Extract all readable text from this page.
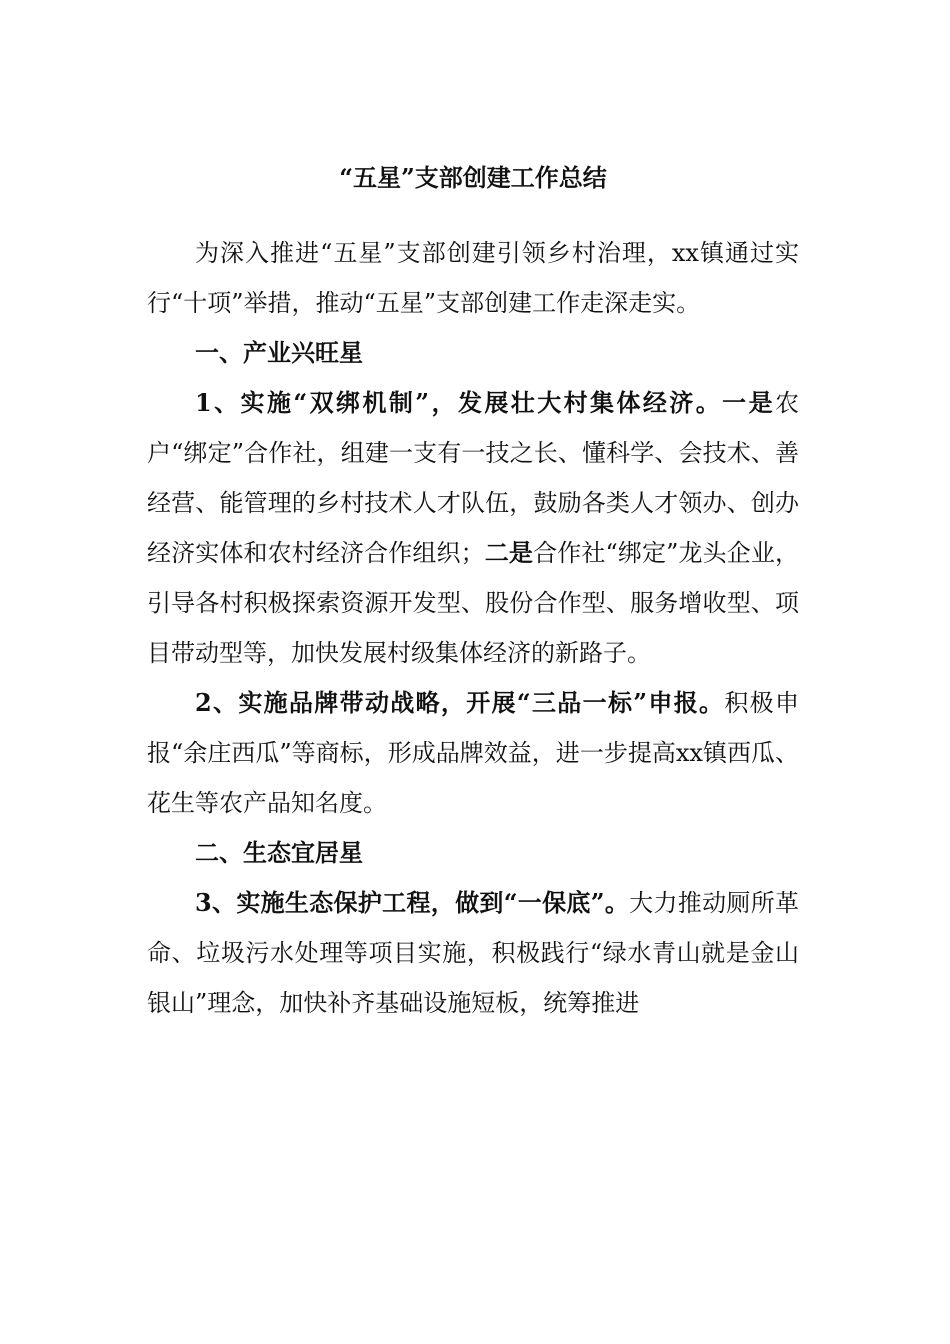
“五星”支部创建工作总结

为深入推进“五星”支部创建引领乡村治理，xx镇通过实行“十项”举措，推动“五星”支部创建工作走深走实。

一、产业兴旺星

1、实施“双绑机制”，发展壮大村集体经济。一是农户“绑定”合作社，组建一支有一技之长、懂科学、会技术、善经营、能管理的乡村技术人才队伍，鼓励各类人才领办、创办经济实体和农村经济合作组织；二是合作社“绑定”龙头企业，引导各村积极探索资源开发型、股份合作型、服务增收型、项目带动型等，加快发展村级集体经济的新路子。

2、实施品牌带动战略，开展“三品一标”申报。积极申报“余庄西瓜”等商标，形成品牌效益，进一步提高xx镇西瓜、花生等农产品知名度。

二、生态宜居星

3、实施生态保护工程，做到“一保底”。大力推动厕所革命、垃圾污水处理等项目实施，积极践行“绿水青山就是金山银山”理念，加快补齐基础设施短板，统筹推进
